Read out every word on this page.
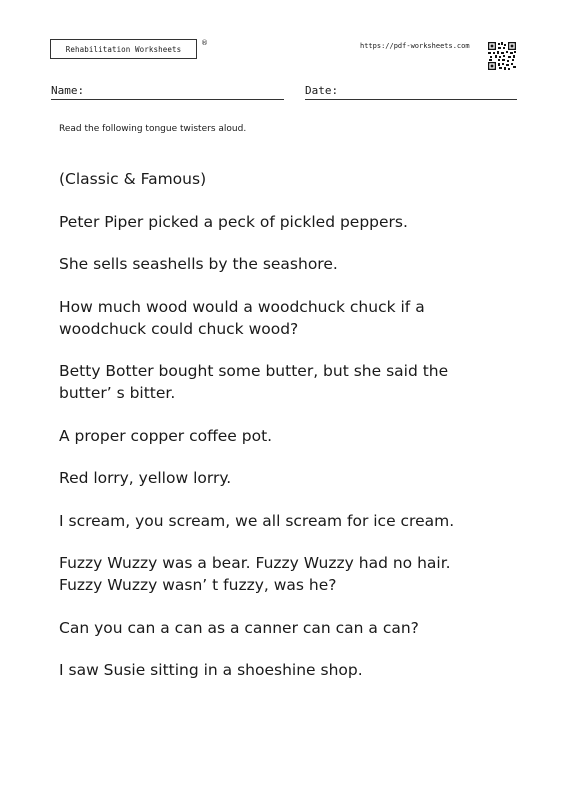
Rehabilitation Worksheets
®	https://pdf-worksheets.com
Name:	Date:
Read the following tongue twisters aloud.

(Classic & Famous)

Peter Piper picked a peck of pickled peppers.

She sells seashells by the seashore.

How much wood would a woodchuck chuck if a
woodchuck could chuck wood?

Betty Botter bought some butter, but she said the
butter’ s bitter.

A proper copper coffee pot.

Red lorry, yellow lorry.

I scream, you scream, we all scream for ice cream.

Fuzzy Wuzzy was a bear. Fuzzy Wuzzy had no hair.
Fuzzy Wuzzy wasn’ t fuzzy, was he?

Can you can a can as a canner can can a can?

I saw Susie sitting in a shoeshine shop.
